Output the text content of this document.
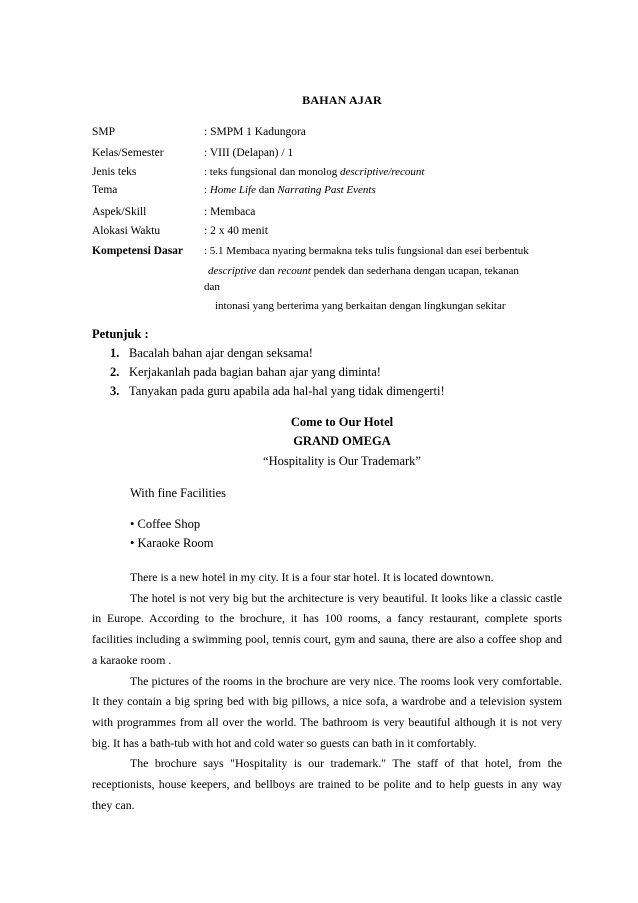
BAHAN AJAR
SMP	: SMPM 1 Kadungora
Kelas/Semester	: VIII (Delapan) / 1
Jenis teks	: teks fungsional dan monolog descriptive/recount
Tema	: Home Life dan Narrating Past Events
Aspek/Skill	: Membaca
Alokasi Waktu	: 2 x 40 menit
Kompetensi Dasar : 5.1 Membaca nyaring bermakna teks tulis fungsional dan esei berbentuk
descriptive dan recount pendek dan sederhana dengan ucapan, tekanan
dan
intonasi yang berterima yang berkaitan dengan lingkungan sekitar
Petunjuk :
1. Bacalah bahan ajar dengan seksama!
2. Kerjakanlah pada bagian bahan ajar yang diminta!
3. Tanyakan pada guru apabila ada hal-hal yang tidak dimengerti!
Come to Our Hotel
GRAND OMEGA
“Hospitality is Our Trademark”
With fine Facilities
• Coffee Shop
• Karaoke Room

There is a new hotel in my city. It is a four star hotel. It is located downtown.

The hotel is not very big but the architecture is very beautiful. It looks like a classic castle in Europe. According to the brochure, it has 100 rooms, a fancy restaurant, complete sports facilities including a swimming pool, tennis court, gym and sauna, there are also a coffee shop and a karaoke room .

The pictures of the rooms in the brochure are very nice. The rooms look very comfortable. It they contain a big spring bed with big pillows, a nice sofa, a wardrobe and a television system with programmes from all over the world. The bathroom is very beautiful although it is not very big. It has a bath-tub with hot and cold water so guests can bath in it comfortably.

The brochure says "Hospitality is our trademark." The staff of that hotel, from the receptionists, house keepers, and bellboys are trained to be polite and to help guests in any way they can.
